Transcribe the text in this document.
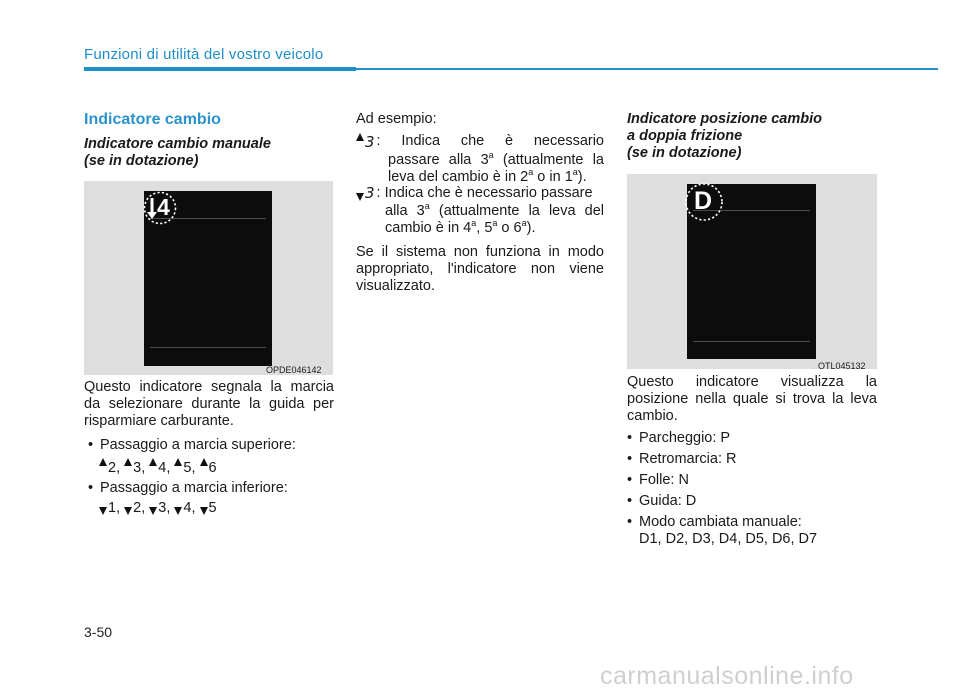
Funzioni di utilità del vostro veicolo
Indicatore cambio
Indicatore cambio manuale
(se in dotazione)
4
OPDE046142
Questo indicatore segnala la marcia
da selezionare durante la guida per
risparmiare carburante.
• Passaggio a marcia superiore:
2, 3, 4, 5, 6
• Passaggio a marcia inferiore:
1, 2, 3, 4, 5
Ad esempio:
3 : Indica che è necessario
passare alla 3$^a$ (attualmente la
leva del cambio è in 2$^a$ o in 1$^a$).
3 : Indica che è necessario passare
alla 3$^a$ (attualmente la leva del
cambio è in 4$^a$, 5$^a$ o 6$^a$).
Se il sistema non funziona in modo
appropriato, l'indicatore non viene
visualizzato.
Indicatore posizione cambio
a doppia frizione
(se in dotazione)
D
OTL045132
Questo indicatore visualizza la
posizione nella quale si trova la leva
cambio.
• Parcheggio: P
• Retromarcia: R
• Folle: N
• Guida: D
• Modo cambiata manuale:
D1, D2, D3, D4, D5, D6, D7
3-50
carmanualsonline.info
